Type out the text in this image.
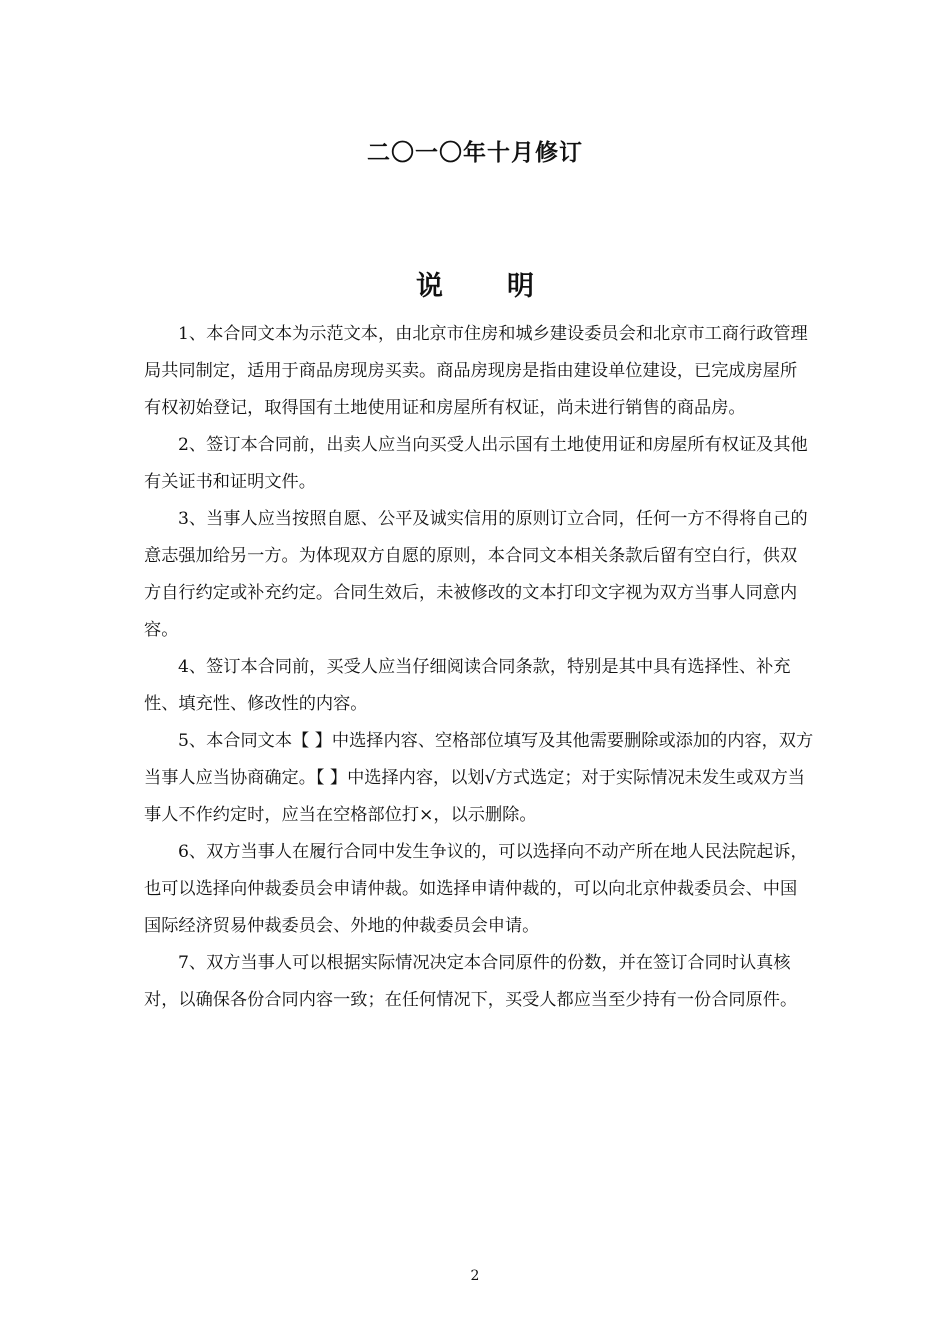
二〇一〇年十月修订
说 明

1、本合同文本为示范文本，由北京市住房和城乡建设委员会和北京市工商行政管理局共同制定，适用于商品房现房买卖。商品房现房是指由建设单位建设，已完成房屋所有权初始登记，取得国有土地使用证和房屋所有权证，尚未进行销售的商品房。

2、签订本合同前，出卖人应当向买受人出示国有土地使用证和房屋所有权证及其他有关证书和证明文件。

3、当事人应当按照自愿、公平及诚实信用的原则订立合同，任何一方不得将自己的意志强加给另一方。为体现双方自愿的原则，本合同文本相关条款后留有空白行，供双方自行约定或补充约定。合同生效后，未被修改的文本打印文字视为双方当事人同意内容。

4、签订本合同前，买受人应当仔细阅读合同条款，特别是其中具有选择性、补充性、填充性、修改性的内容。

5、本合同文本【 】中选择内容、空格部位填写及其他需要删除或添加的内容，双方当事人应当协商确定。【 】中选择内容，以划√方式选定；对于实际情况未发生或双方当事人不作约定时，应当在空格部位打×，以示删除。

6、双方当事人在履行合同中发生争议的，可以选择向不动产所在地人民法院起诉，也可以选择向仲裁委员会申请仲裁。如选择申请仲裁的，可以向北京仲裁委员会、中国国际经济贸易仲裁委员会、外地的仲裁委员会申请。

7、双方当事人可以根据实际情况决定本合同原件的份数，并在签订合同时认真核对，以确保各份合同内容一致；在任何情况下，买受人都应当至少持有一份合同原件。

2
